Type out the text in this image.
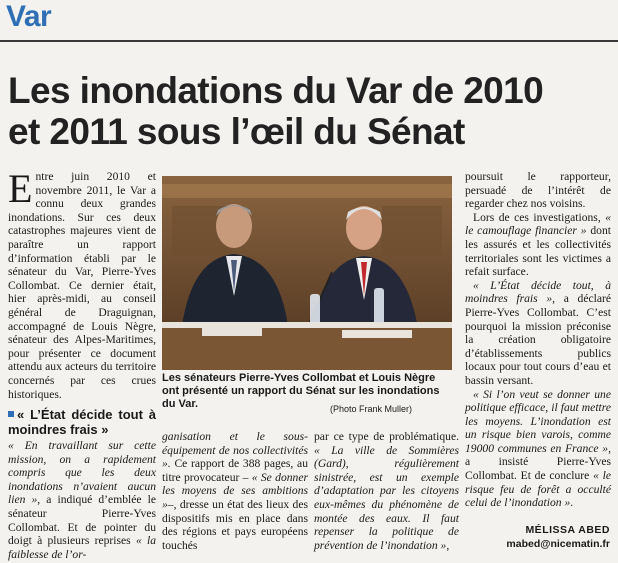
Var
Les inondations du Var de 2010
et 2011 sous l’œil du Sénat

Entre juin 2010 et novembre 2011, le Var a connu deux grandes inondations. Sur ces deux catastrophes majeures vient de paraître un rapport d’information établi par le sénateur du Var, Pierre-Yves Collombat. Ce dernier était, hier après-midi, au conseil général de Draguignan, accompagné de Louis Nègre, sénateur des Alpes-Maritimes, pour présenter ce document attendu aux acteurs du territoire concernés par ces crues historiques.

« L’État décide tout à moindres frais »

« En travaillant sur cette mission, on a rapidement compris que les deux inondations n’avaient aucun lien », a indiqué d’emblée le sénateur Pierre-Yves Collombat. Et de pointer du doigt à plusieurs reprises « la faiblesse de l’or-

Les sénateurs Pierre-Yves Collombat et Louis Nègre ont présenté un rapport du Sénat sur les inondations du Var.	(Photo Frank Muller)

ganisation et le sous-équipement de nos collectivités ». Ce rapport de 388 pages, au titre provocateur – « Se donner les moyens de ses ambitions »–, dresse un état des lieux des dispositifs mis en place dans des régions et pays européens touchés

par ce type de problématique. « La ville de Sommières (Gard), régulièrement sinistrée, est un exemple d’adaptation par les citoyens eux-mêmes du phénomène de montée des eaux. Il faut repenser la politique de prévention de l’inondation »,

poursuit le rapporteur, persuadé de l’intérêt de regarder chez nos voisins.

Lors de ces investigations, « le camouflage financier » dont les assurés et les collectivités territoriales sont les victimes a refait surface.

« L’État décide tout, à moindres frais », a déclaré Pierre-Yves Collombat. C’est pourquoi la mission préconise la création obligatoire d’établissements publics locaux pour tout cours d’eau et bassin versant.

« Si l’on veut se donner une politique efficace, il faut mettre les moyens. L’inondation est un risque bien varois, comme 19000 communes en France », a insisté Pierre-Yves Collombat. Et de conclure « le risque feu de forêt a occulté celui de l’inondation ».

MÉLISSA ABED
mabed@nicematin.fr
